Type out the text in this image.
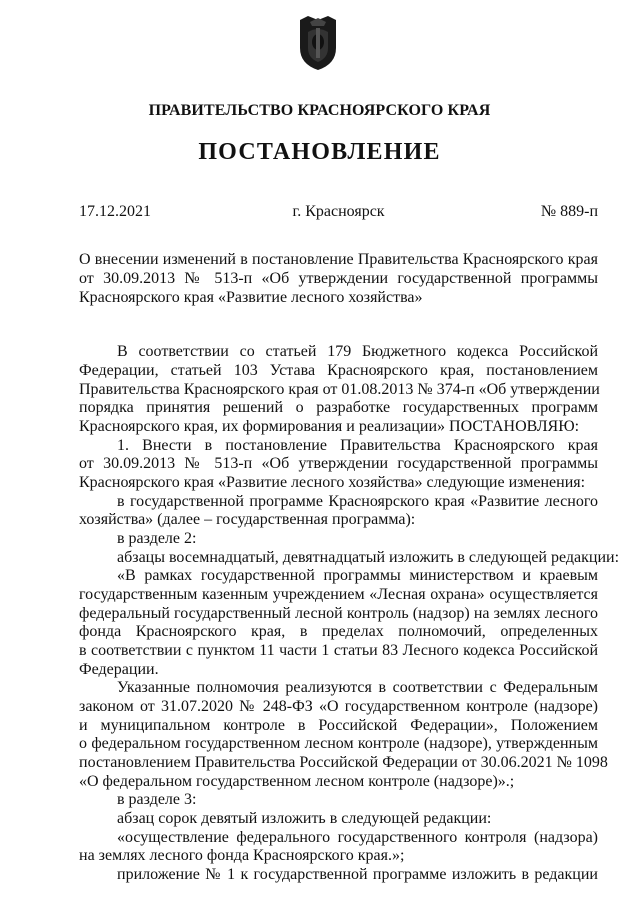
ПРАВИТЕЛЬСТВО КРАСНОЯРСКОГО КРАЯ
ПОСТАНОВЛЕНИЕ
17.12.2021	г. Красноярск	№ 889-п
О внесении изменений в постановление Правительства Красноярского края
от 30.09.2013 № 513-п «Об утверждении государственной программы
Красноярского края «Развитие лесного хозяйства»
В соответствии со статьей 179 Бюджетного кодекса Российской
Федерации, статьей 103 Устава Красноярского края, постановлением
Правительства Красноярского края от 01.08.2013 № 374-п «Об утверждении
порядка принятия решений о разработке государственных программ
Красноярского края, их формирования и реализации» ПОСТАНОВЛЯЮ:
1. Внести в постановление Правительства Красноярского края
от 30.09.2013 № 513-п «Об утверждении государственной программы
Красноярского края «Развитие лесного хозяйства» следующие изменения:
в государственной программе Красноярского края «Развитие лесного
хозяйства» (далее – государственная программа):
в разделе 2:
абзацы восемнадцатый, девятнадцатый изложить в следующей редакции:
«В рамках государственной программы министерством и краевым
государственным казенным учреждением «Лесная охрана» осуществляется
федеральный государственный лесной контроль (надзор) на землях лесного
фонда Красноярского края, в пределах полномочий, определенных
в соответствии с пунктом 11 части 1 статьи 83 Лесного кодекса Российской
Федерации.
Указанные полномочия реализуются в соответствии с Федеральным
законом от 31.07.2020 № 248-ФЗ «О государственном контроле (надзоре)
и муниципальном контроле в Российской Федерации», Положением
о федеральном государственном лесном контроле (надзоре), утвержденным
постановлением Правительства Российской Федерации от 30.06.2021 № 1098
«О федеральном государственном лесном контроле (надзоре)».;
в разделе 3:
абзац сорок девятый изложить в следующей редакции:
«осуществление федерального государственного контроля (надзора)
на землях лесного фонда Красноярского края.»;
приложение № 1 к государственной программе изложить в редакции
